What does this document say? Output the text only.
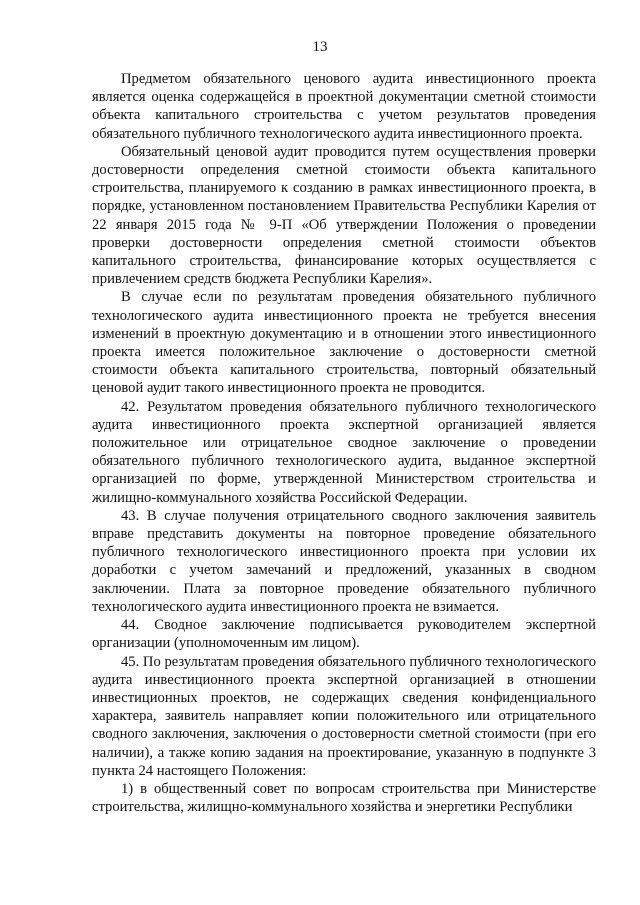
13

Предметом обязательного ценового аудита инвестиционного проекта является оценка содержащейся в проектной документации сметной стоимости объекта капитального строительства с учетом результатов проведения обязательного публичного технологического аудита инвестиционного проекта.

Обязательный ценовой аудит проводится путем осуществления проверки достоверности определения сметной стоимости объекта капитального строительства, планируемого к созданию в рамках инвестиционного проекта, в порядке, установленном постановлением Правительства Республики Карелия от 22 января 2015 года № 9-П «Об утверждении Положения о проведении проверки достоверности определения сметной стоимости объектов капитального строительства, финансирование которых осуществляется с привлечением средств бюджета Республики Карелия».

В случае если по результатам проведения обязательного публичного технологического аудита инвестиционного проекта не требуется внесения изменений в проектную документацию и в отношении этого инвестиционного проекта имеется положительное заключение о достоверности сметной стоимости объекта капитального строительства, повторный обязательный ценовой аудит такого инвестиционного проекта не проводится.

42. Результатом проведения обязательного публичного технологического аудита инвестиционного проекта экспертной организацией является положительное или отрицательное сводное заключение о проведении обязательного публичного технологического аудита, выданное экспертной организацией по форме, утвержденной Министерством строительства и жилищно-коммунального хозяйства Российской Федерации.

43. В случае получения отрицательного сводного заключения заявитель вправе представить документы на повторное проведение обязательного публичного технологического инвестиционного проекта при условии их доработки с учетом замечаний и предложений, указанных в сводном заключении. Плата за повторное проведение обязательного публичного технологического аудита инвестиционного проекта не взимается.

44. Сводное заключение подписывается руководителем экспертной организации (уполномоченным им лицом).

45. По результатам проведения обязательного публичного технологического аудита инвестиционного проекта экспертной организацией в отношении инвестиционных проектов, не содержащих сведения конфиденциального характера, заявитель направляет копии положительного или отрицательного сводного заключения, заключения о достоверности сметной стоимости (при его наличии), а также копию задания на проектирование, указанную в подпункте 3 пункта 24 настоящего Положения:

1) в общественный совет по вопросам строительства при Министерстве строительства, жилищно-коммунального хозяйства и энергетики Республики
